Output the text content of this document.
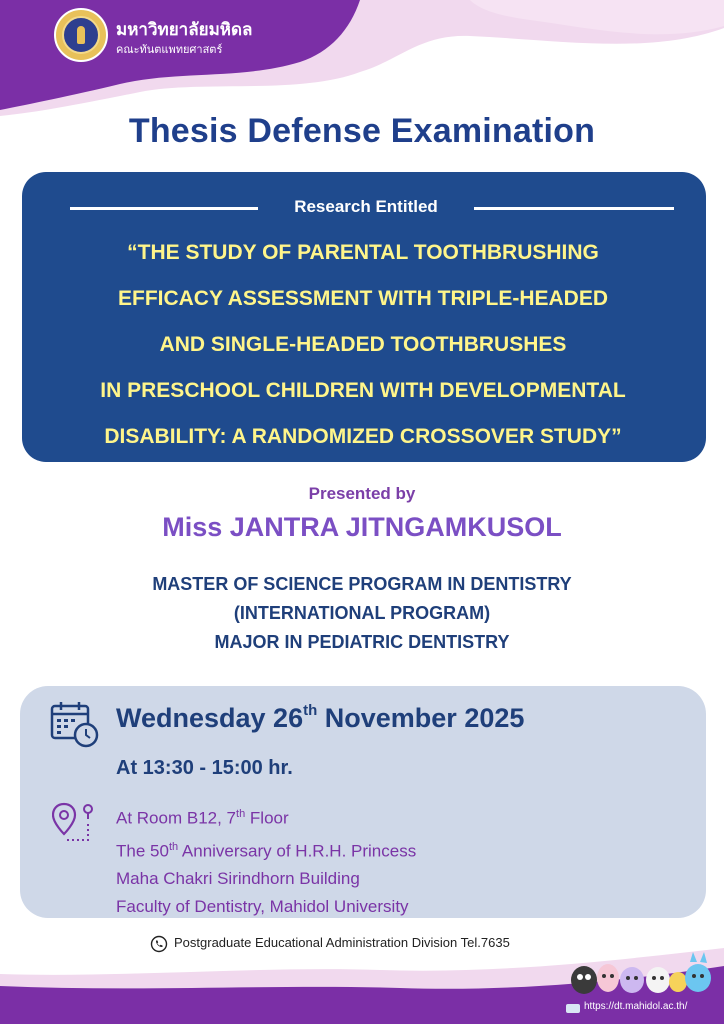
มหาวิทยาลัยมหิดล
คณะทันตแพทยศาสตร์
Thesis Defense Examination
Research Entitled
“THE STUDY OF PARENTAL TOOTHBRUSHING
EFFICACY ASSESSMENT WITH TRIPLE-HEADED
AND SINGLE-HEADED TOOTHBRUSHES
IN PRESCHOOL CHILDREN WITH DEVELOPMENTAL
DISABILITY: A RANDOMIZED CROSSOVER STUDY”
Presented by
Miss JANTRA JITNGAMKUSOL
MASTER OF SCIENCE PROGRAM IN DENTISTRY
(INTERNATIONAL PROGRAM)
MAJOR IN PEDIATRIC DENTISTRY
Wednesday 26th November 2025
At 13:30 - 15:00 hr.
At Room B12, 7th Floor
The 50th Anniversary of H.R.H. Princess
Maha Chakri Sirindhorn Building
Faculty of Dentistry, Mahidol University
Postgraduate Educational Administration Division Tel.7635
https://dt.mahidol.ac.th/
